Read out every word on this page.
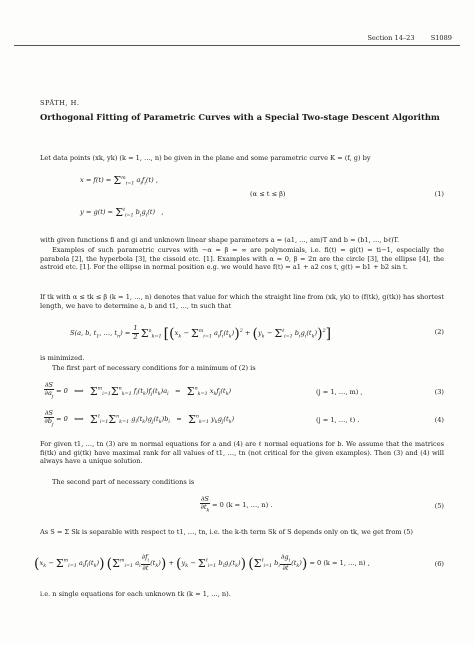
Section 14–23 S1089
SPÄTH, H.
Orthogonal Fitting of Parametric Curves with a Special Two-stage Descent Algorithm
Let data points (xk, yk) (k = 1, …, n) be given in the plane and some parametric curve K = (f, g) by
$x = f(t) = \Sigma^m_{i=1}$ $a_if_i(t)$ ,
$y = g(t) = \Sigma^\ell_{i=1}$ $b_ig_i(t)$   ,
(α ≤ t ≤ β)	(1)
with given functions fi and gi and unknown linear shape parameters a = (a1, …, am)T and b = (b1, …, bℓ)T.
Examples of such parametric curves with −α = β = ∞ are polynomials, i.e. fi(t) = gi(t) = ti−1, especially the parabola [2], the hyperbola [3], the cissoid etc. [1]. Examples with α = 0, β = 2π are the circle [3], the ellipse [4], the astroid etc. [1]. For the ellipse in normal position e.g. we would have f(t) = a1 + a2 cos t, g(t) = b1 + b2 sin t.
If tk with α ≤ tk ≤ β (k = 1, …, n) denotes that value for which the straight line from (xk, yk) to (f(tk), g(tk)) has shortest length, we have to determine a, b and t1, …, tn such that
S(a, b, $t_1$, …, $t_n) = \frac{1}{2} \Sigma^n_{k=1}$ [($x_k - \Sigma^m_{i=1}$ $a_if_i(t_k))^2 + (y_k - \Sigma^\ell_{i=1}$ $b_ig_i(t_k))^2$]	(2)
is minimized.
The first part of necessary conditions for a minimum of (2) is
$\frac{\partial S}{\partial a_j} = 0$   ⟺   $\Sigma^m_{i=1}\Sigma^n_{k=1}$ $f_i(t_k)f_j(t_k)a_i = \Sigma^n_{k=1}$ $x_kf_j(t_k)$	(j = 1, …, m) ,	(3)
$\frac{\partial S}{\partial b_j} = 0$   ⟺   $\Sigma^\ell_{i=1}\Sigma^n_{k=1}$ $g_i(t_k)g_j(t_k)b_i = \Sigma^n_{k=1}$ $y_kg_j(t_k)$	(j = 1, …, ℓ) .	(4)
For given t1, …, tn (3) are m normal equations for a and (4) are ℓ normal equations for b. We assume that the matrices fi(tk) and gi(tk) have maximal rank for all values of t1, …, tn (not critical for the given examples). Then (3) and (4) will always have a unique solution.
The second part of necessary conditions is
$\frac{\partial S}{\partial t_k} = 0$ (k = 1, …, n) .	(5)
As S = Σ Sk is separable with respect to t1, …, tn, i.e. the k-th term Sk of S depends only on tk, we get from (5)
($x_k - \Sigma^m_{i=1}$ $a_if_i(t_k)$) ($\Sigma^m_{i=1}$ $a_i \frac{\partial f_i}{\partial t} (t_k)) + (y_k - \Sigma^\ell_{i=1}$ $b_ig_i(t_k)$) ($\Sigma^\ell_{i=1}$ $b_i \frac{\partial g_i}{\partial t} (t_k)) = 0$ (k = 1, …, n) ,	(6)
i.e. n single equations for each unknown tk (k = 1, …, n).
